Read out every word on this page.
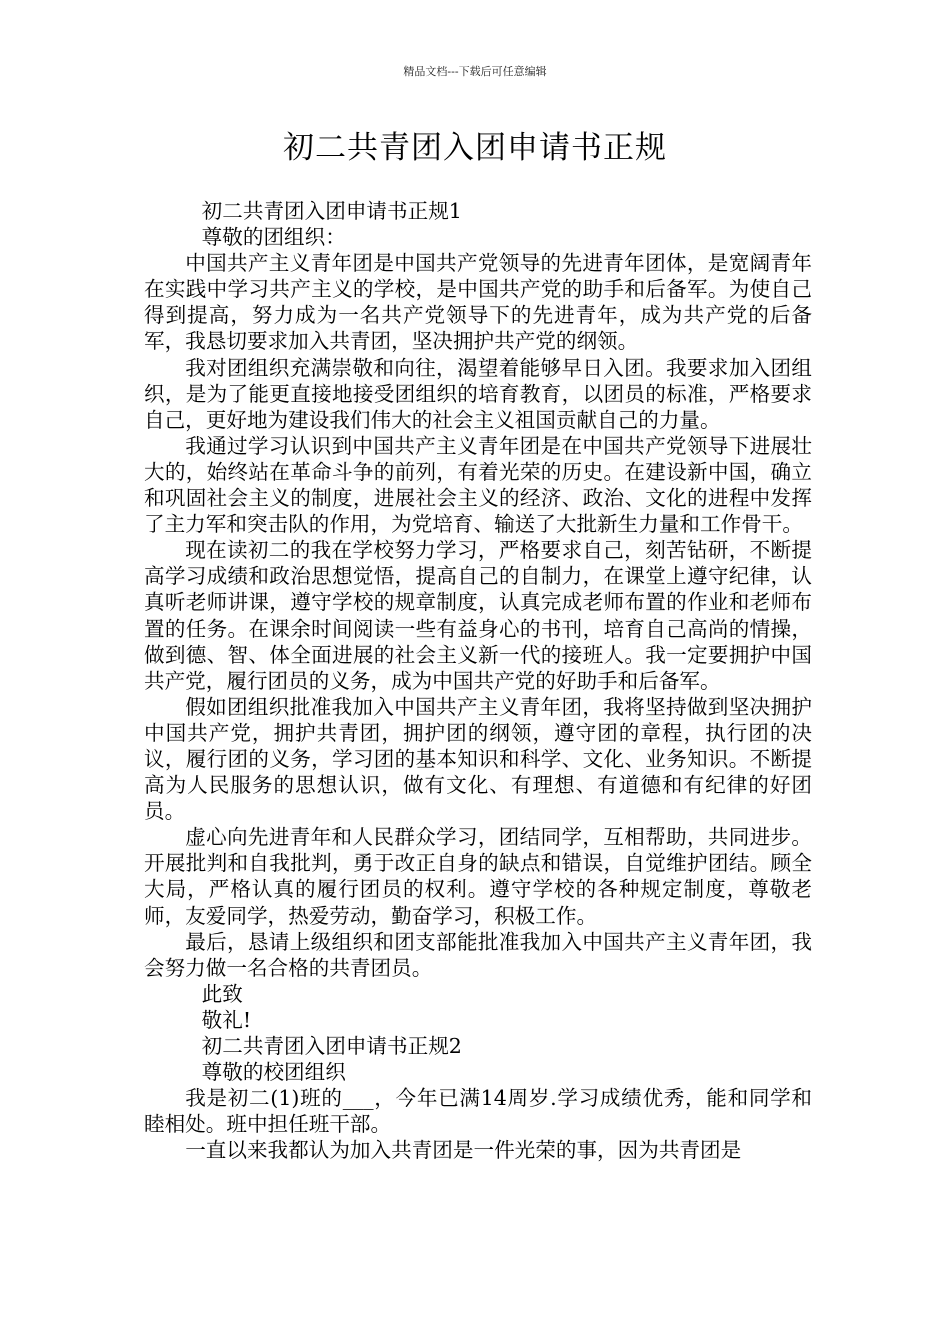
精品文档---下载后可任意编辑
初二共青团入团申请书正规

初二共青团入团申请书正规1

尊敬的团组织：

中国共产主义青年团是中国共产党领导的先进青年团体，是宽阔青年在实践中学习共产主义的学校，是中国共产党的助手和后备军。为使自己得到提高，努力成为一名共产党领导下的先进青年，成为共产党的后备军，我恳切要求加入共青团，坚决拥护共产党的纲领。

我对团组织充满崇敬和向往，渴望着能够早日入团。我要求加入团组织，是为了能更直接地接受团组织的培育教育，以团员的标准，严格要求自己，更好地为建设我们伟大的社会主义祖国贡献自己的力量。

我通过学习认识到中国共产主义青年团是在中国共产党领导下进展壮大的，始终站在革命斗争的前列，有着光荣的历史。在建设新中国，确立和巩固社会主义的制度，进展社会主义的经济、政治、文化的进程中发挥了主力军和突击队的作用，为党培育、输送了大批新生力量和工作骨干。

现在读初二的我在学校努力学习，严格要求自己，刻苦钻研，不断提高学习成绩和政治思想觉悟，提高自己的自制力，在课堂上遵守纪律，认真听老师讲课，遵守学校的规章制度，认真完成老师布置的作业和老师布置的任务。在课余时间阅读一些有益身心的书刊，培育自己高尚的情操，做到德、智、体全面进展的社会主义新一代的接班人。我一定要拥护中国共产党，履行团员的义务，成为中国共产党的好助手和后备军。

假如团组织批准我加入中国共产主义青年团，我将坚持做到坚决拥护中国共产党，拥护共青团，拥护团的纲领，遵守团的章程，执行团的决议，履行团的义务，学习团的基本知识和科学、文化、业务知识。不断提高为人民服务的思想认识，做有文化、有理想、有道德和有纪律的好团员。

虚心向先进青年和人民群众学习，团结同学，互相帮助，共同进步。开展批判和自我批判，勇于改正自身的缺点和错误，自觉维护团结。顾全大局，严格认真的履行团员的权利。遵守学校的各种规定制度，尊敬老师，友爱同学，热爱劳动，勤奋学习，积极工作。

最后，恳请上级组织和团支部能批准我加入中国共产主义青年团，我会努力做一名合格的共青团员。

此致

敬礼!

初二共青团入团申请书正规2

尊敬的校团组织

我是初二(1)班的___，今年已满14周岁.学习成绩优秀，能和同学和睦相处。班中担任班干部。

一直以来我都认为加入共青团是一件光荣的事，因为共青团是
